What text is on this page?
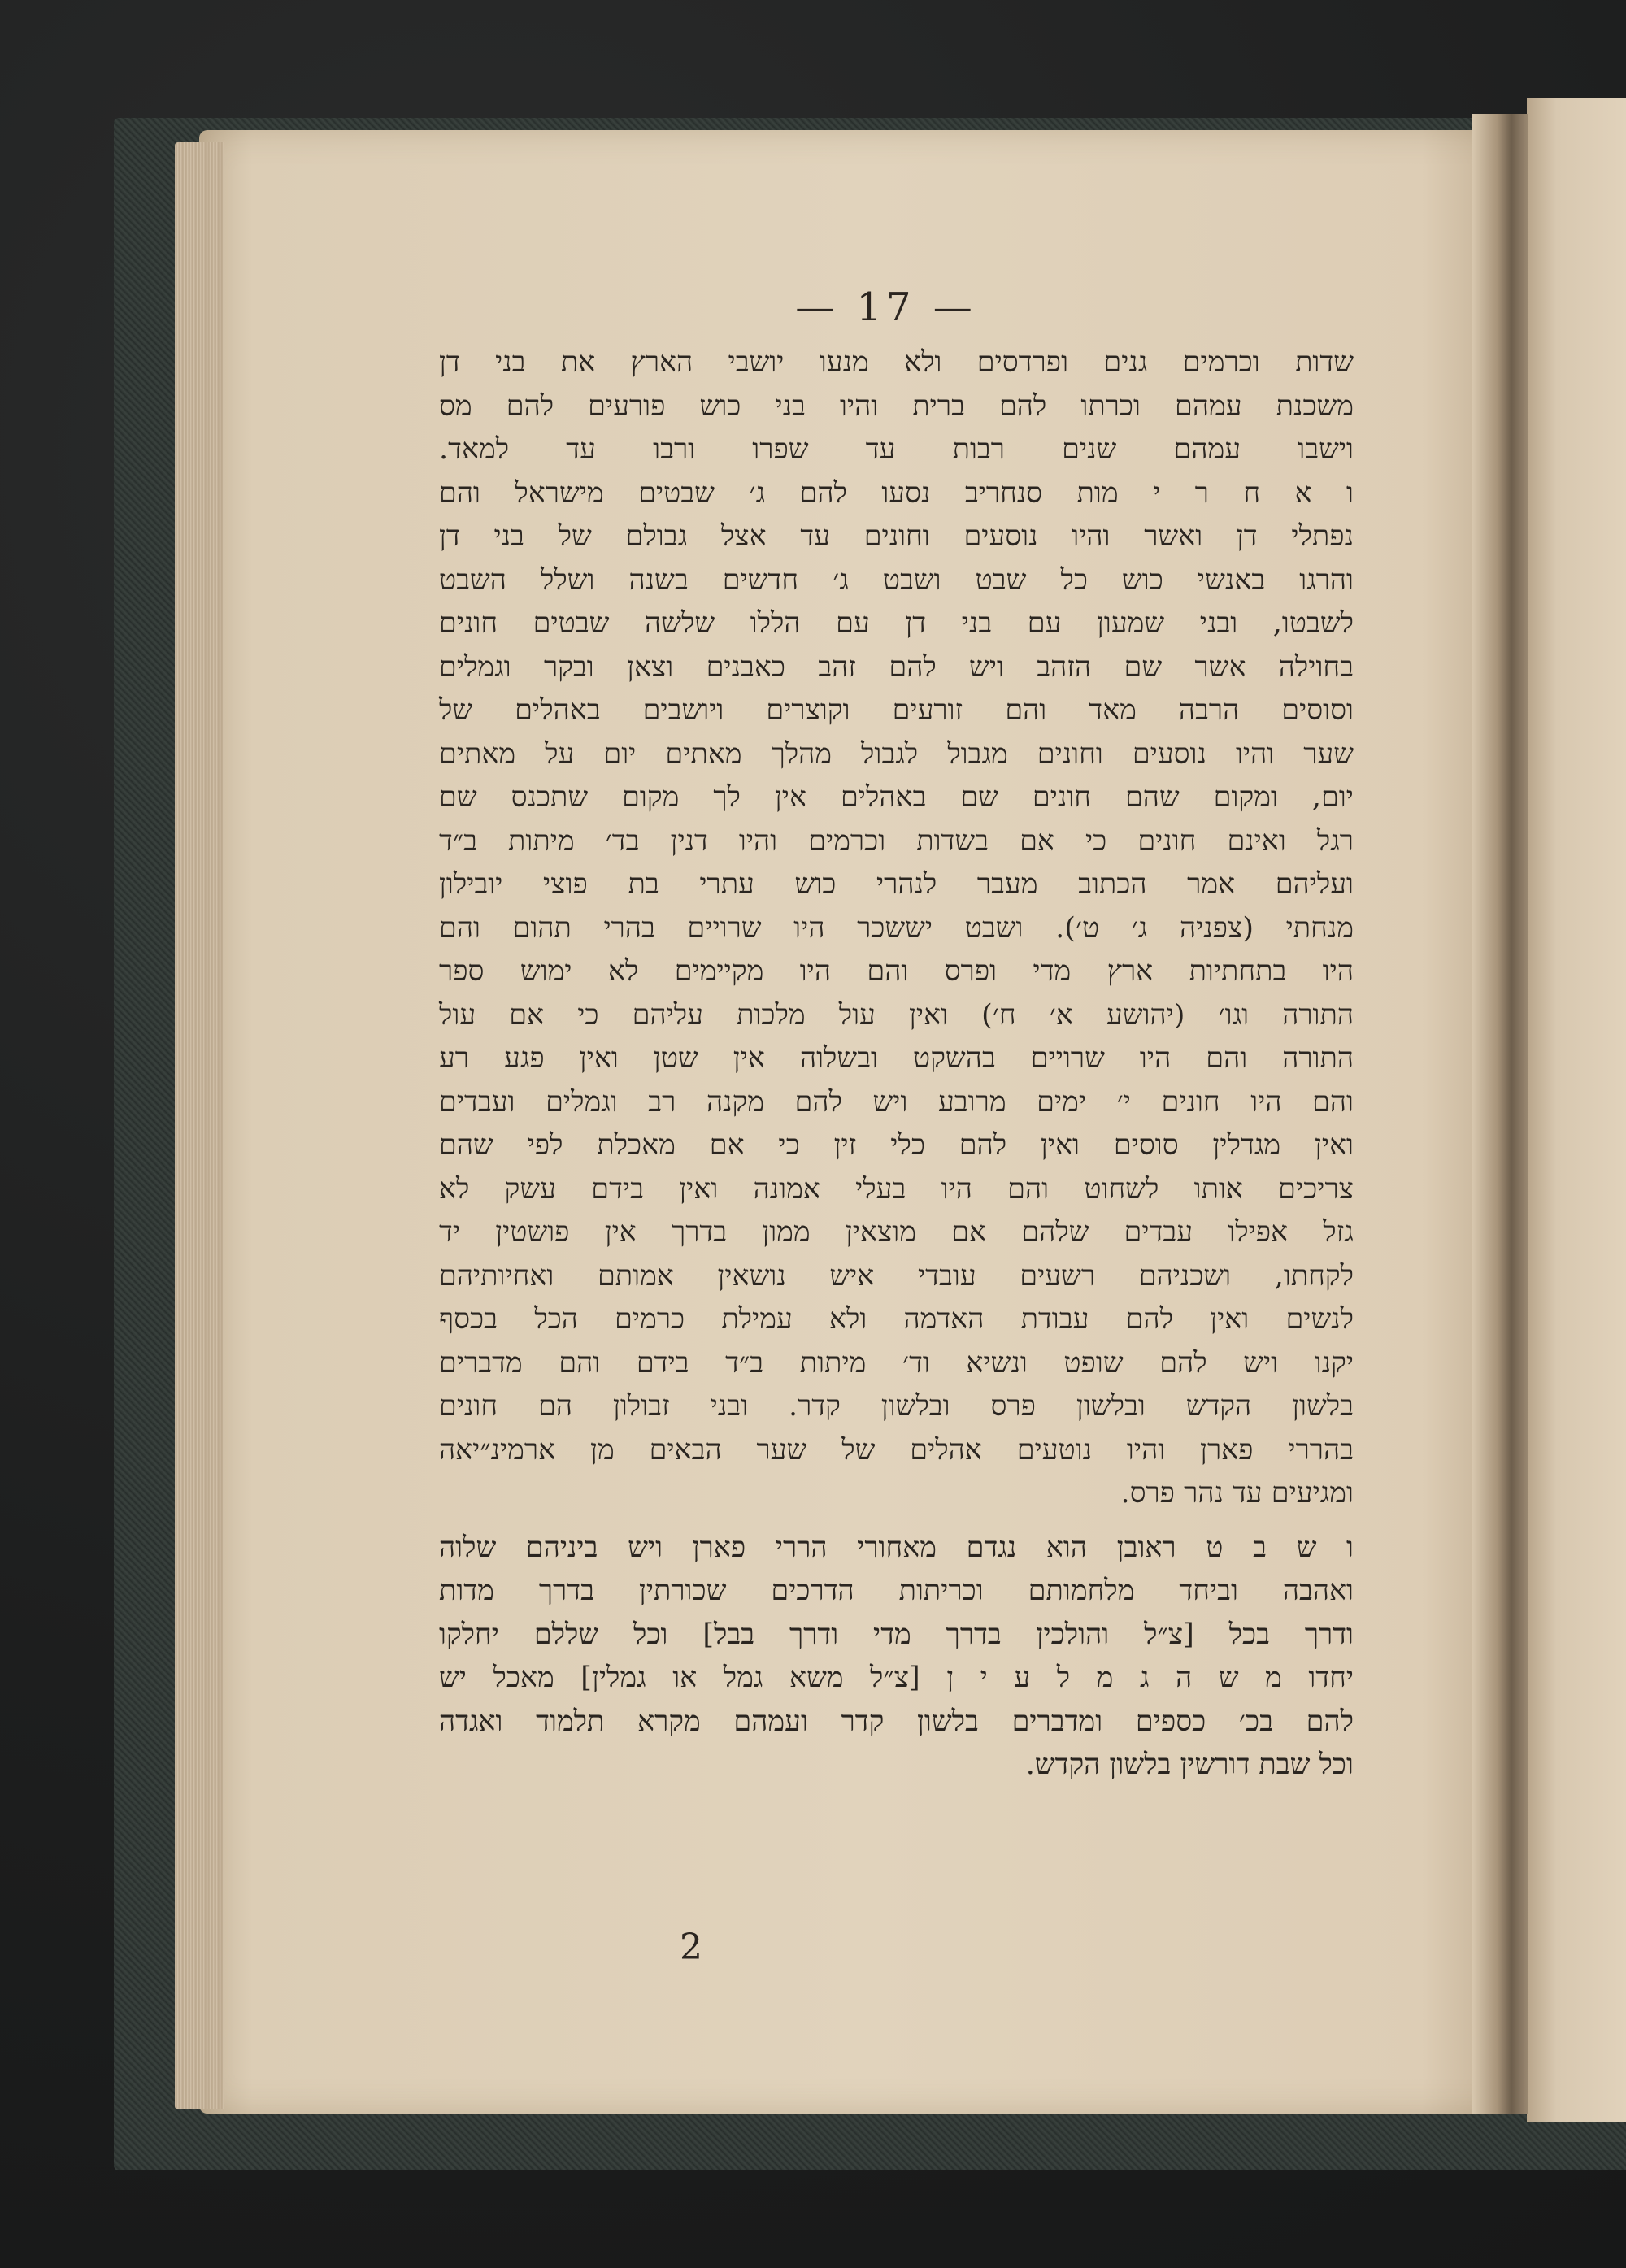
— 17 —
שדות וכרמים גנים ופרדסים ולא מנעו יושבי הארץ את בני דן
משכנת עמהם וכרתו להם ברית והיו בני כוש פורעים להם מס
וישבו עמהם שנים רבות עד שפרו ורבו עד למאד.
ו א ח ר י מות סנחריב נסעו להם ג׳ שבטים מישראל והם
נפתלי דן ואשר והיו נוסעים וחונים עד אצל גבולם של בני דן
והרגו באנשי כוש כל שבט ושבט ג׳ חדשים בשנה ושלל השבט
לשבטו, ובני שמעון עם בני דן עם הללו שלשה שבטים חונים
בחוילה אשר שם הזהב ויש להם זהב כאבנים וצאן ובקר וגמלים
וסוסים הרבה מאד והם זורעים וקוצרים ויושבים באהלים של
שער והיו נוסעים וחונים מגבול לגבול מהלך מאתים יום על מאתים
יום, ומקום שהם חונים שם באהלים אין לך מקום שתכנס שם
רגל ואינם חונים כי אם בשדות וכרמים והיו דנין בד׳ מיתות ב״ד
ועליהם אמר הכתוב מעבר לנהרי כוש עתרי בת פוצי יובילון
מנחתי (צפניה ג׳ ט׳). ושבט יששכר היו שרויים בהרי תהום והם
היו בתחתיות ארץ מדי ופרס והם היו מקיימים לא ימוש ספר
התורה וגו׳ (יהושע א׳ ח׳) ואין עול מלכות עליהם כי אם עול
התורה והם היו שרויים בהשקט ובשלוה אין שטן ואין פגע רע
והם היו חונים י׳ ימים מרובע ויש להם מקנה רב וגמלים ועבדים
ואין מגדלין סוסים ואין להם כלי זין כי אם מאכלת לפי שהם
צריכים אותו לשחוט והם היו בעלי אמונה ואין בידם עשק לא
גזל אפילו עבדים שלהם אם מוצאין ממון בדרך אין פושטין יד
לקחתו, ושכניהם רשעים עובדי איש נושאין אמותם ואחיותיהם
לנשים ואין להם עבודת האדמה ולא עמילת כרמים הכל בכסף
יקנו ויש להם שופט ונשיא וד׳ מיתות ב״ד בידם והם מדברים
בלשון הקדש ובלשון פרס ובלשון קדר. ובני זבולון הם חונים
בהררי פארן והיו נוטעים אהלים של שער הבאים מן ארמינ״יאה
ומגיעים עד נהר פרס.
ו ש ב ט ראובן הוא נגדם מאחורי הררי פארן ויש ביניהם שלוה
ואהבה וביחד מלחמותם וכריתות הדרכים שכורתין בדרך מדות
ודרך בכל [צ״ל והולכין בדרך מדי ודרך בבל] וכל שללם יחלקו
יחדו מ ש ה ג מ ל ע י ן [צ״ל משא גמל או גמלין] מאכל יש
להם בכ׳ כספים ומדברים בלשון קדר ועמהם מקרא תלמוד ואגדה
וכל שבת דורשין בלשון הקדש.
2
